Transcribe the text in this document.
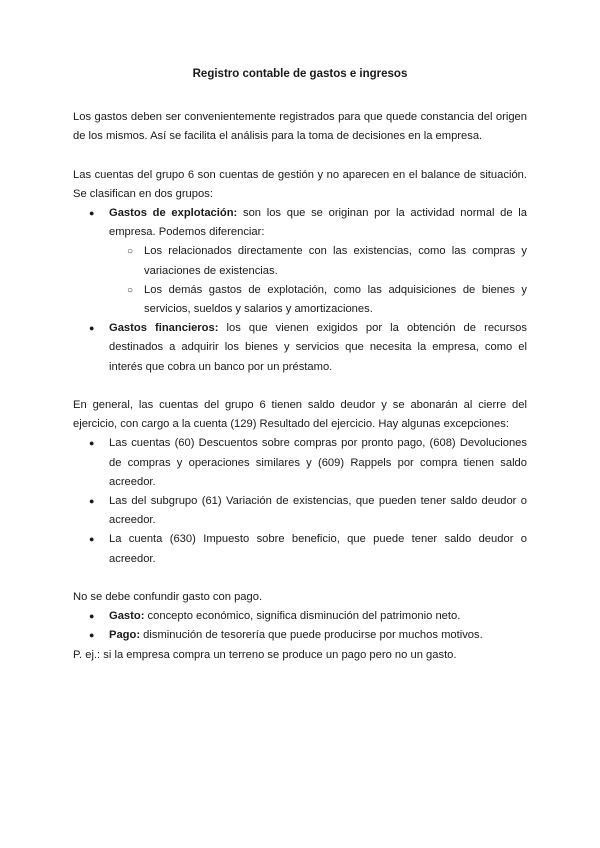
Registro contable de gastos e ingresos

Los gastos deben ser convenientemente registrados para que quede constancia del origen de los mismos. Así se facilita el análisis para la toma de decisiones en la empresa.

Las cuentas del grupo 6 son cuentas de gestión y no aparecen en el balance de situación. Se clasifican en dos grupos:

● Gastos de explotación: son los que se originan por la actividad normal de la empresa. Podemos diferenciar:
○ Los relacionados directamente con las existencias, como las compras y variaciones de existencias.
○ Los demás gastos de explotación, como las adquisiciones de bienes y servicios, sueldos y salarios y amortizaciones.
● Gastos financieros: los que vienen exigidos por la obtención de recursos destinados a adquirir los bienes y servicios que necesita la empresa, como el interés que cobra un banco por un préstamo.

En general, las cuentas del grupo 6 tienen saldo deudor y se abonarán al cierre del ejercicio, con cargo a la cuenta (129) Resultado del ejercicio. Hay algunas excepciones:

● Las cuentas (60) Descuentos sobre compras por pronto pago, (608) Devoluciones de compras y operaciones similares y (609) Rappels por compra tienen saldo acreedor.
● Las del subgrupo (61) Variación de existencias, que pueden tener saldo deudor o acreedor.
● La cuenta (630) Impuesto sobre beneficio, que puede tener saldo deudor o acreedor.

No se debe confundir gasto con pago.

● Gasto: concepto económico, significa disminución del patrimonio neto.
● Pago: disminución de tesorería que puede producirse por muchos motivos.

P. ej.: si la empresa compra un terreno se produce un pago pero no un gasto.
